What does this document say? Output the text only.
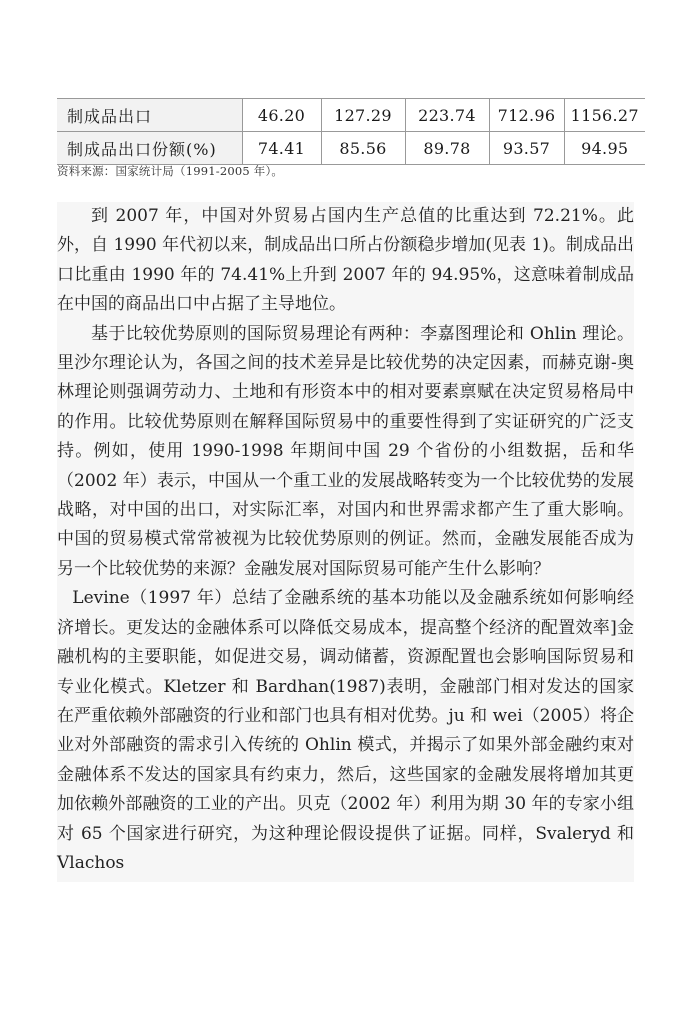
制成品出口	46.20	127.29	223.74	712.96	1156.27
制成品出口份额(%)	74.41	85.56	89.78	93.57	94.95
资料来源：国家统计局（1991-2005 年）。

到 2007 年，中国对外贸易占国内生产总值的比重达到 72.21%。此外，自 1990 年代初以来，制成品出口所占份额稳步增加(见表 1)。制成品出口比重由 1990 年的 74.41%上升到 2007 年的 94.95%，这意味着制成品在中国的商品出口中占据了主导地位。

基于比较优势原则的国际贸易理论有两种：李嘉图理论和 Ohlin 理论。里沙尔理论认为，各国之间的技术差异是比较优势的决定因素，而赫克谢-奥林理论则强调劳动力、土地和有形资本中的相对要素禀赋在决定贸易格局中的作用。比较优势原则在解释国际贸易中的重要性得到了实证研究的广泛支持。例如，使用 1990-1998 年期间中国 29 个省份的小组数据，岳和华（2002 年）表示，中国从一个重工业的发展战略转变为一个比较优势的发展战略，对中国的出口，对实际汇率，对国内和世界需求都产生了重大影响。中国的贸易模式常常被视为比较优势原则的例证。然而，金融发展能否成为另一个比较优势的来源？金融发展对国际贸易可能产生什么影响？

Levine（1997 年）总结了金融系统的基本功能以及金融系统如何影响经济增长。更发达的金融体系可以降低交易成本，提高整个经济的配置效率]金融机构的主要职能，如促进交易，调动储蓄，资源配置也会影响国际贸易和专业化模式。Kletzer 和 Bardhan(1987)表明，金融部门相对发达的国家在严重依赖外部融资的行业和部门也具有相对优势。ju 和 wei（2005）将企业对外部融资的需求引入传统的 Ohlin 模式，并揭示了如果外部金融约束对金融体系不发达的国家具有约束力，然后，这些国家的金融发展将增加其更加依赖外部融资的工业的产出。贝克（2002 年）利用为期 30 年的专家小组对 65 个国家进行研究，为这种理论假设提供了证据。同样，Svaleryd 和 Vlachos
